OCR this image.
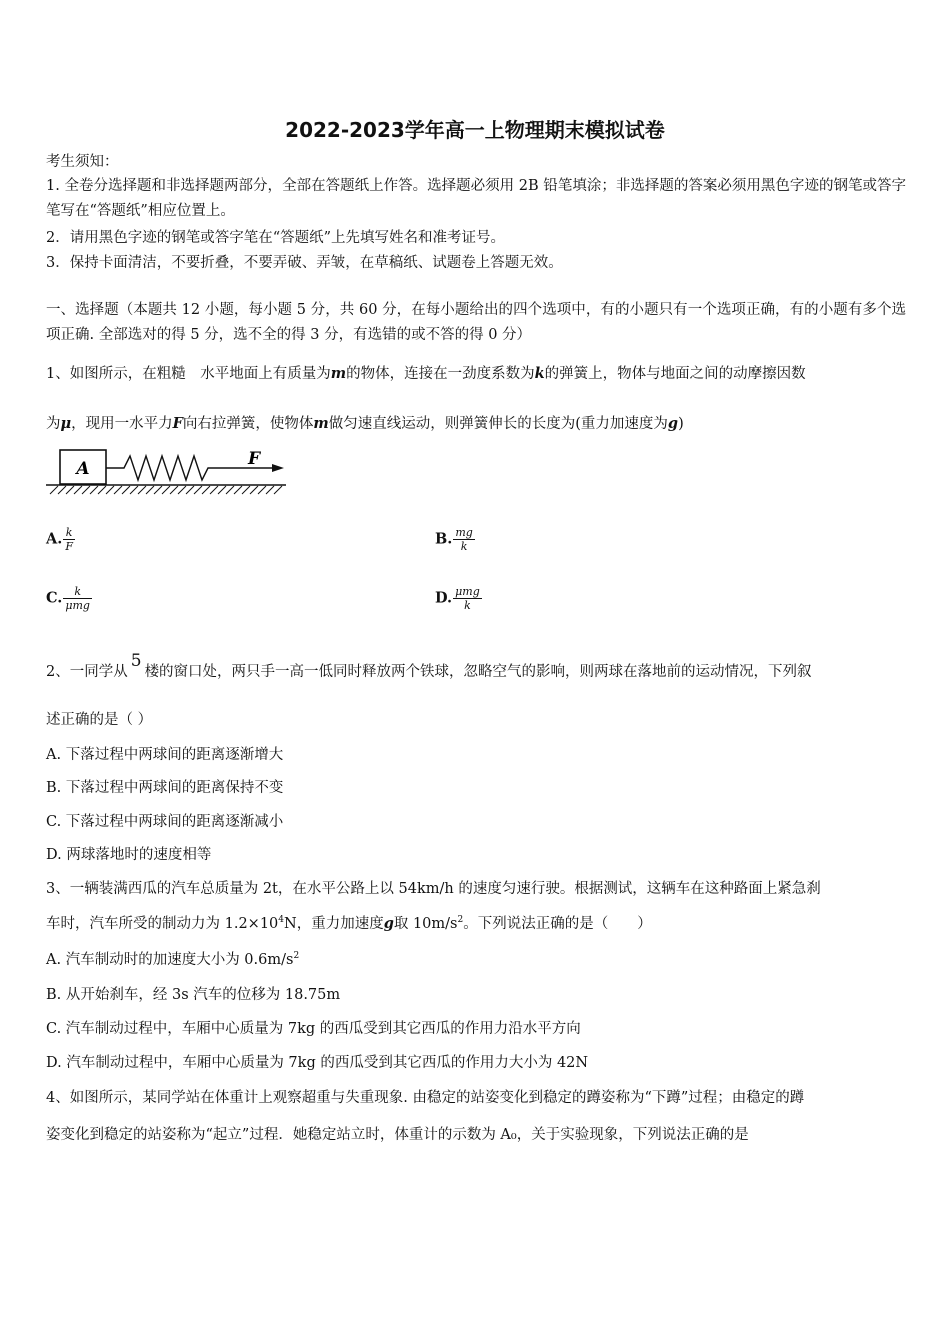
2022-2023学年高一上物理期末模拟试卷
考生须知：
1. 全卷分选择题和非选择题两部分，全部在答题纸上作答。选择题必须用 2B 铅笔填涂；非选择题的答案必须用黑色字迹的钢笔或答字笔写在“答题纸”相应位置上。
2．请用黑色字迹的钢笔或答字笔在“答题纸”上先填写姓名和准考证号。
3．保持卡面清洁，不要折叠，不要弄破、弄皱，在草稿纸、试题卷上答题无效。
一、选择题（本题共 12 小题，每小题 5 分，共 60 分，在每小题给出的四个选项中，有的小题只有一个选项正确，有的小题有多个选项正确. 全部选对的得 5 分，选不全的得 3 分，有选错的或不答的得 0 分）
1、如图所示，在粗糙　水平地面上有质量为m的物体，连接在一劲度系数为k的弹簧上，物体与地面之间的动摩擦因数
为μ，现用一水平力F向右拉弹簧，使物体m做匀速直线运动，则弹簧伸长的长度为(重力加速度为g)
A	F
A. $\frac{k}{F}$	B. $\frac{mg}{k}$
C. $\frac{k}{\text{μmg}}$	D. $\frac{\text{μmg}}{k}$
2、一同学从5楼的窗口处，两只手一高一低同时释放两个铁球，忽略空气的影响，则两球在落地前的运动情况，下列叙
述正确的是（ ）
A. 下落过程中两球间的距离逐渐增大
B. 下落过程中两球间的距离保持不变
C. 下落过程中两球间的距离逐渐减小
D. 两球落地时的速度相等
3、一辆装满西瓜的汽车总质量为 2t，在水平公路上以 54km/h 的速度匀速行驶。根据测试，这辆车在这种路面上紧急刹
车时，汽车所受的制动力为 $1.2\times 10^4N$，重力加速度g取 $10m/s^2$。下列说法正确的是（　　）
A. 汽车制动时的加速度大小为 $0.6m/s^2$
B. 从开始刹车，经 3s 汽车的位移为 18.75m
C. 汽车制动过程中，车厢中心质量为 7kg 的西瓜受到其它西瓜的作用力沿水平方向
D. 汽车制动过程中，车厢中心质量为 7kg 的西瓜受到其它西瓜的作用力大小为 42N
4、如图所示，某同学站在体重计上观察超重与失重现象. 由稳定的站姿变化到稳定的蹲姿称为“下蹲”过程；由稳定的蹲
姿变化到稳定的站姿称为“起立”过程．她稳定站立时，体重计的示数为 A₀，关于实验现象，下列说法正确的是
